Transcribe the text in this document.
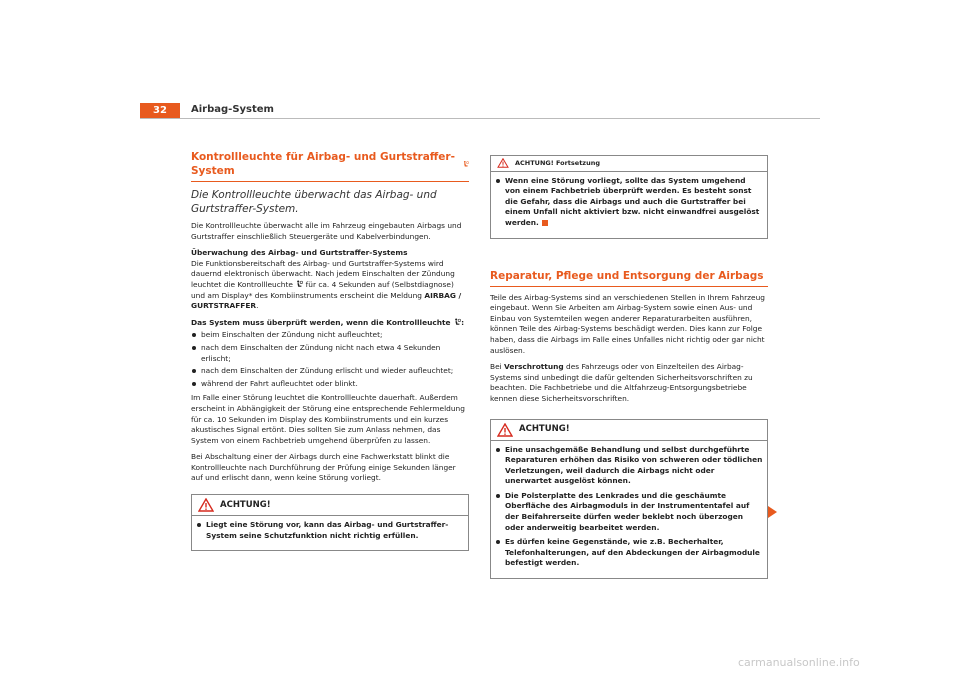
32	Airbag-System
Kontrollleuchte für Airbag- und Gurtstraffer-System
Die Kontrollleuchte überwacht das Airbag- und Gurtstraffer-System.

Die Kontrollleuchte überwacht alle im Fahrzeug eingebauten Airbags und Gurtstraffer einschließlich Steuergeräte und Kabelverbindungen.

Überwachung des Airbag- und Gurtstraffer-Systems
Die Funktionsbereitschaft des Airbag- und Gurtstraffer-Systems wird dauernd elektronisch überwacht. Nach jedem Einschalten der Zündung leuchtet die Kontrollleuchte für ca. 4 Sekunden auf (Selbstdiagnose) und am Display* des Kombiinstruments erscheint die Meldung AIRBAG / GURTSTRAFFER.

Das System muss überprüft werden, wenn die Kontrollleuchte :

beim Einschalten der Zündung nicht aufleuchtet;
nach dem Einschalten der Zündung nicht nach etwa 4 Sekunden erlischt;
nach dem Einschalten der Zündung erlischt und wieder aufleuchtet;
während der Fahrt aufleuchtet oder blinkt.

Im Falle einer Störung leuchtet die Kontrollleuchte dauerhaft. Außerdem erscheint in Abhängigkeit der Störung eine entsprechende Fehlermeldung für ca. 10 Sekunden im Display des Kombiinstruments und ein kurzes akustisches Signal ertönt. Dies sollten Sie zum Anlass nehmen, das System von einem Fachbetrieb umgehend überprüfen zu lassen.

Bei Abschaltung einer der Airbags durch eine Fachwerkstatt blinkt die Kontrollleuchte nach Durchführung der Prüfung einige Sekunden länger auf und erlischt dann, wenn keine Störung vorliegt.

ACHTUNG!
Liegt eine Störung vor, kann das Airbag- und Gurtstraffer-System seine Schutzfunktion nicht richtig erfüllen.
ACHTUNG! Fortsetzung
Wenn eine Störung vorliegt, sollte das System umgehend von einem Fachbetrieb überprüft werden. Es besteht sonst die Gefahr, dass die Airbags und auch die Gurtstraffer bei einem Unfall nicht aktiviert bzw. nicht einwandfrei ausgelöst werden.
Reparatur, Pflege und Entsorgung der Airbags

Teile des Airbag-Systems sind an verschiedenen Stellen in Ihrem Fahrzeug eingebaut. Wenn Sie Arbeiten am Airbag-System sowie einen Aus- und Einbau von Systemteilen wegen anderer Reparaturarbeiten ausführen, können Teile des Airbag-Systems beschädigt werden. Dies kann zur Folge haben, dass die Airbags im Falle eines Unfalles nicht richtig oder gar nicht auslösen.

Bei Verschrottung des Fahrzeugs oder von Einzelteilen des Airbag-Systems sind unbedingt die dafür geltenden Sicherheitsvorschriften zu beachten. Die Fachbetriebe und die Altfahrzeug-Entsorgungsbetriebe kennen diese Sicherheitsvorschriften.

ACHTUNG!
Eine unsachgemäße Behandlung und selbst durchgeführte Reparaturen erhöhen das Risiko von schweren oder tödlichen Verletzungen, weil dadurch die Airbags nicht oder unerwartet ausgelöst können.
Die Polsterplatte des Lenkrades und die geschäumte Oberfläche des Airbagmoduls in der Instrumententafel auf der Beifahrerseite dürfen weder beklebt noch überzogen oder anderweitig bearbeitet werden.
Es dürfen keine Gegenstände, wie z.B. Becherhalter, Telefonhalterungen, auf den Abdeckungen der Airbagmodule befestigt werden.
carmanualsonline.info
